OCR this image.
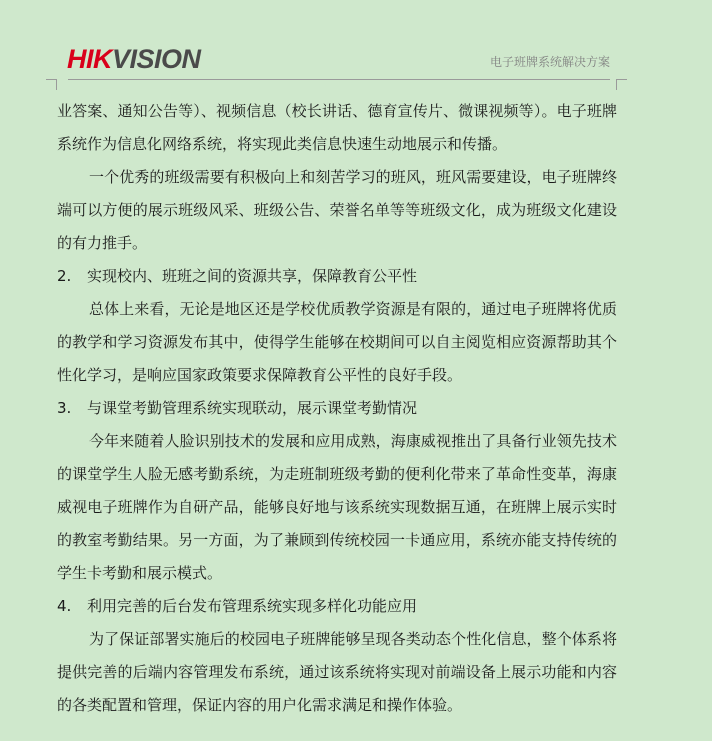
HIKVISION	电子班牌系统解决方案

业答案、通知公告等）、视频信息（校长讲话、德育宣传片、微课视频等）。电子班牌系统作为信息化网络系统，将实现此类信息快速生动地展示和传播。

一个优秀的班级需要有积极向上和刻苦学习的班风，班风需要建设，电子班牌终端可以方便的展示班级风采、班级公告、荣誉名单等等班级文化，成为班级文化建设的有力推手。

2.	实现校内、班班之间的资源共享，保障教育公平性

总体上来看，无论是地区还是学校优质教学资源是有限的，通过电子班牌将优质的教学和学习资源发布其中，使得学生能够在校期间可以自主阅览相应资源帮助其个性化学习，是响应国家政策要求保障教育公平性的良好手段。

3.	与课堂考勤管理系统实现联动，展示课堂考勤情况

今年来随着人脸识别技术的发展和应用成熟，海康威视推出了具备行业领先技术的课堂学生人脸无感考勤系统，为走班制班级考勤的便利化带来了革命性变革，海康威视电子班牌作为自研产品，能够良好地与该系统实现数据互通，在班牌上展示实时的教室考勤结果。另一方面，为了兼顾到传统校园一卡通应用，系统亦能支持传统的学生卡考勤和展示模式。

4.	利用完善的后台发布管理系统实现多样化功能应用

为了保证部署实施后的校园电子班牌能够呈现各类动态个性化信息，整个体系将提供完善的后端内容管理发布系统，通过该系统将实现对前端设备上展示功能和内容的各类配置和管理，保证内容的用户化需求满足和操作体验。
